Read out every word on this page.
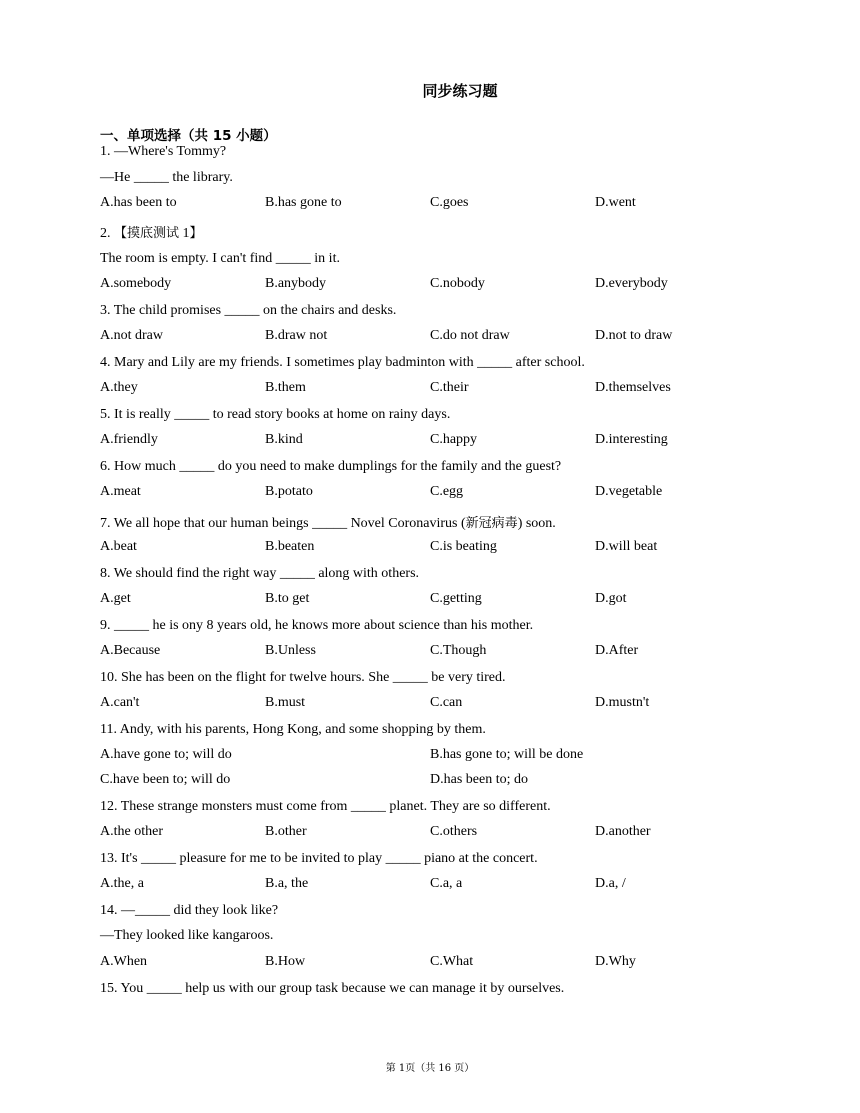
同步练习题
一、单项选择（共 15 小题）
1. —Where's Tommy?
—He _____ the library.
A.has been to	B.has gone to	C.goes	D.went
2. 【摸底测试 1】
The room is empty. I can't find _____ in it.
A.somebody	B.anybody	C.nobody	D.everybody
3. The child promises _____ on the chairs and desks.
A.not draw	B.draw not	C.do not draw	D.not to draw
4. Mary and Lily are my friends. I sometimes play badminton with _____ after school.
A.they	B.them	C.their	D.themselves
5. It is really _____ to read story books at home on rainy days.
A.friendly	B.kind	C.happy	D.interesting
6. How much _____ do you need to make dumplings for the family and the guest?
A.meat	B.potato	C.egg	D.vegetable
7. We all hope that our human beings _____ Novel Coronavirus (新冠病毒) soon.
A.beat	B.beaten	C.is beating	D.will beat
8. We should find the right way _____ along with others.
A.get	B.to get	C.getting	D.got
9. _____ he is ony 8 years old, he knows more about science than his mother.
A.Because	B.Unless	C.Though	D.After
10. She has been on the flight for twelve hours. She _____ be very tired.
A.can't	B.must	C.can	D.mustn't
11. Andy, with his parents, Hong Kong, and some shopping by them.
A.have gone to; will do	B.has gone to; will be done
C.have been to; will do	D.has been to; do
12. These strange monsters must come from _____ planet. They are so different.
A.the other	B.other	C.others	D.another
13. It's _____ pleasure for me to be invited to play _____ piano at the concert.
A.the, a	B.a, the	C.a, a	D.a, /
14. —_____ did they look like?
—They looked like kangaroos.
A.When	B.How	C.What	D.Why
15. You _____ help us with our group task because we can manage it by ourselves.
第 1页（共 16 页）
